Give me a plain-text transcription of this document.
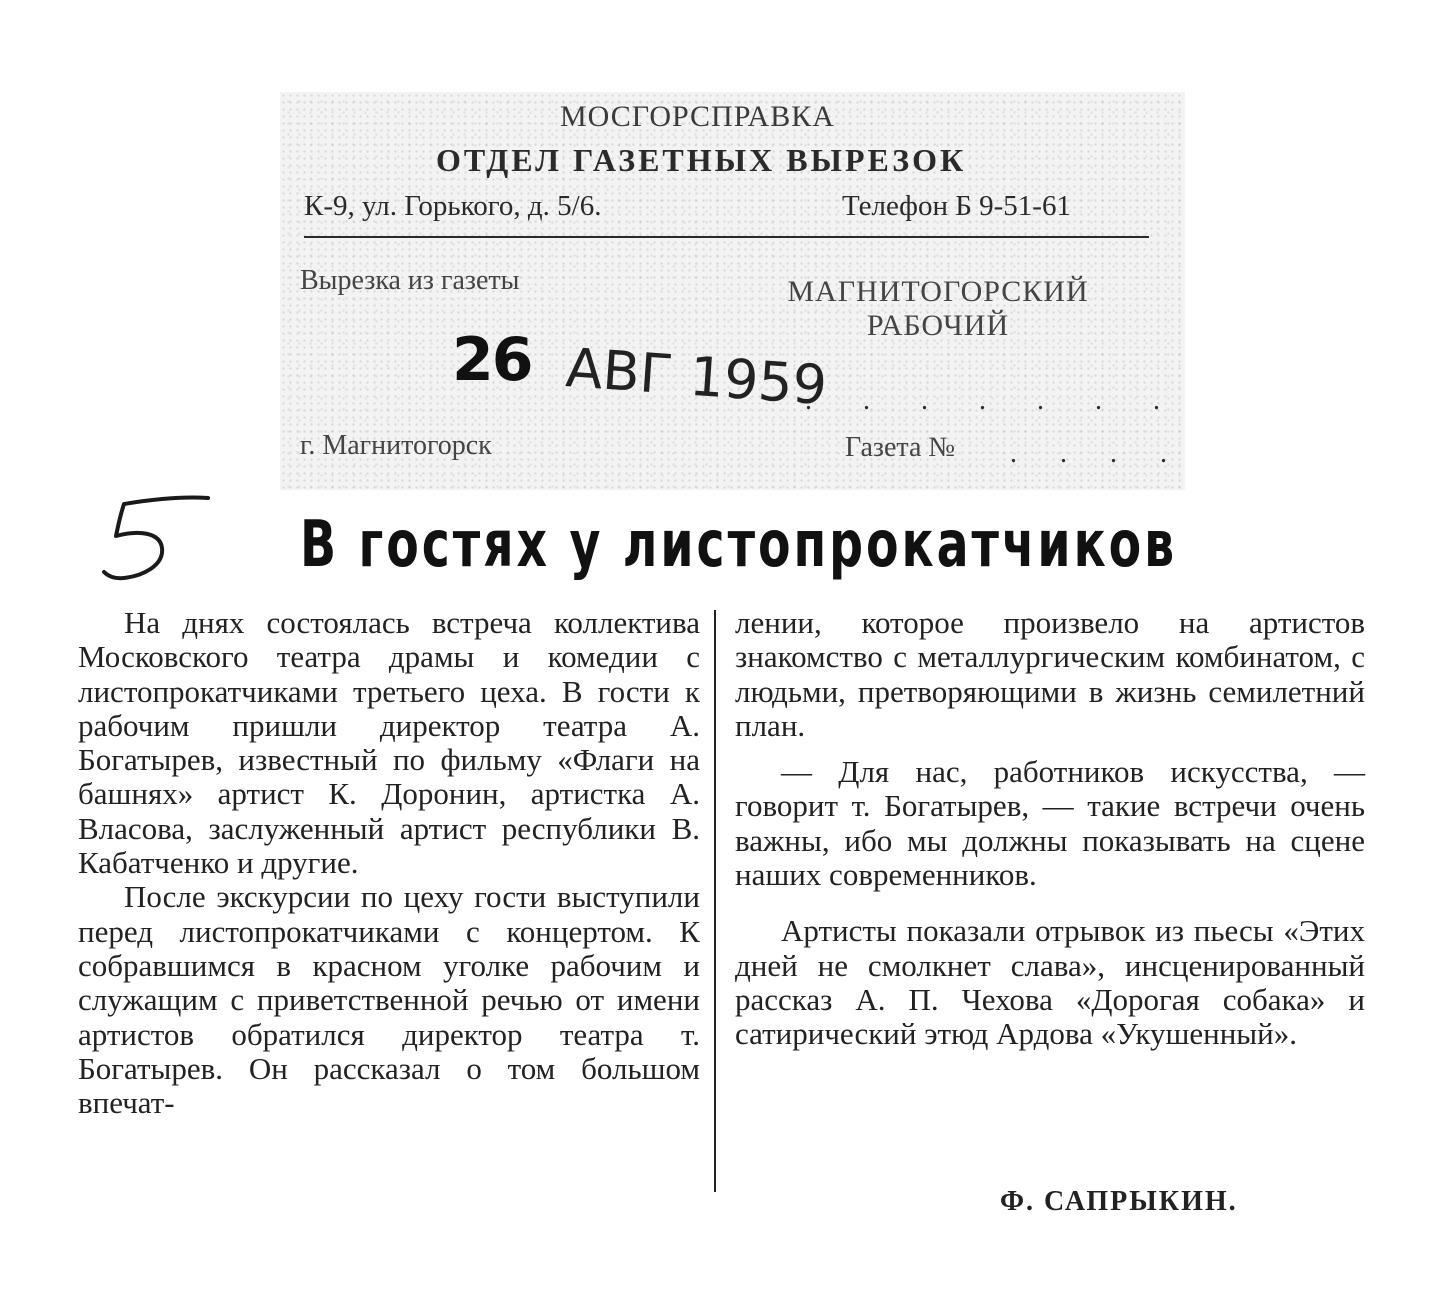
МОСГОРСПРАВКА
ОТДЕЛ ГАЗЕТНЫХ ВЫРЕЗОК
К-9, ул. Горького, д. 5/6.	Телефон Б 9-51-61
Вырезка из газеты	МАГНИТОГОРСКИЙ РАБОЧИЙ
26 АВГ 1959
. . . . . . .
г. Магнитогорск	Газета № . . . .
В гостях у листопрокатчиков

На днях состоялась встреча коллектива Московского театра драмы и комедии с листопрокатчиками третьего цеха. В гости к рабочим пришли директор театра А. Богатырев, известный по фильму «Флаги на башнях» артист К. Доронин, артистка А. Власова, заслуженный артист республики В. Кабатченко и другие.

После экскурсии по цеху гости выступили перед листопрокатчиками с концертом. К собравшимся в красном уголке рабочим и служащим с приветственной речью от имени артистов обратился директор театра т. Богатырев. Он рассказал о том большом впечат-

лении, которое произвело на артистов знакомство с металлургическим комбинатом, с людьми, претворяющими в жизнь семилетний план.

— Для нас, работников искусства, — говорит т. Богатырев, — такие встречи очень важны, ибо мы должны показывать на сцене наших современников.

Артисты показали отрывок из пьесы «Этих дней не смолкнет слава», инсценированный рассказ А. П. Чехова «Дорогая собака» и сатирический этюд Ардова «Укушенный».

Ф. САПРЫКИН.
